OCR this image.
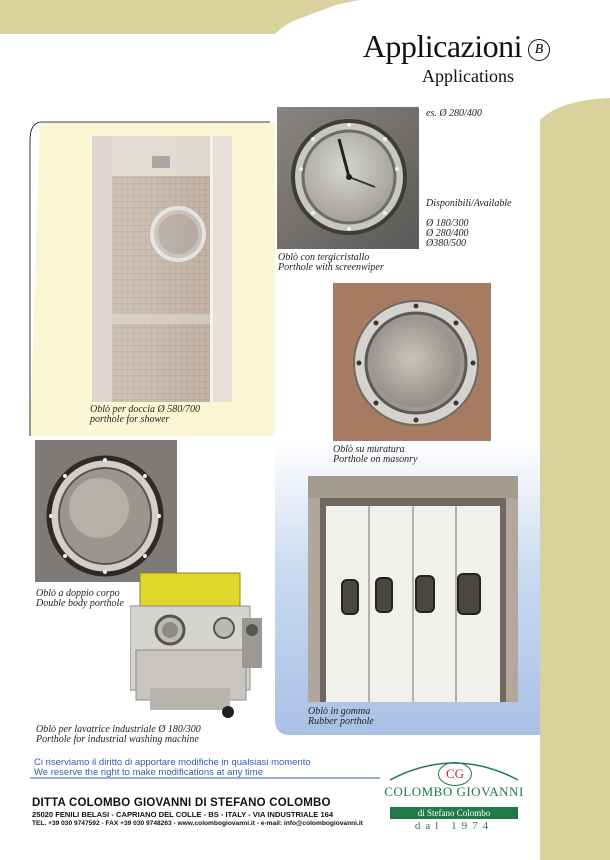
Applicazioni B
Applications
es. Ø 280/400
Disponibili/Available
Ø 180/300
Ø 280/400
Ø380/500
Oblò con tergicristallo
Porthole with screenwiper
Oblò per doccia Ø 580/700
porthole for shower
Oblò su muratura
Porthole on masonry
Oblò a doppio corpo
Double body porthole
Oblò per lavatrice industriale Ø 180/300
Porthole for industrial washing machine
Oblò in gomma
Rubber porthole
Ci riserviamo il diritto di apportare modifiche in qualsiasi momento
We reserve the right to make modifications at any time
DITTA COLOMBO GIOVANNI DI STEFANO COLOMBO
25020 FENILI BELASI - CAPRIANO DEL COLLE - BS - ITALY - VIA INDUSTRIALE 164
TEL. +39 030 9747592 - FAX +39 030 9748263 - www.colombogiovanni.it - e-mail: info@colombogiovanni.it
CG
COLOMBO GIOVANNI
di Stefano Colombo
dal 1974
